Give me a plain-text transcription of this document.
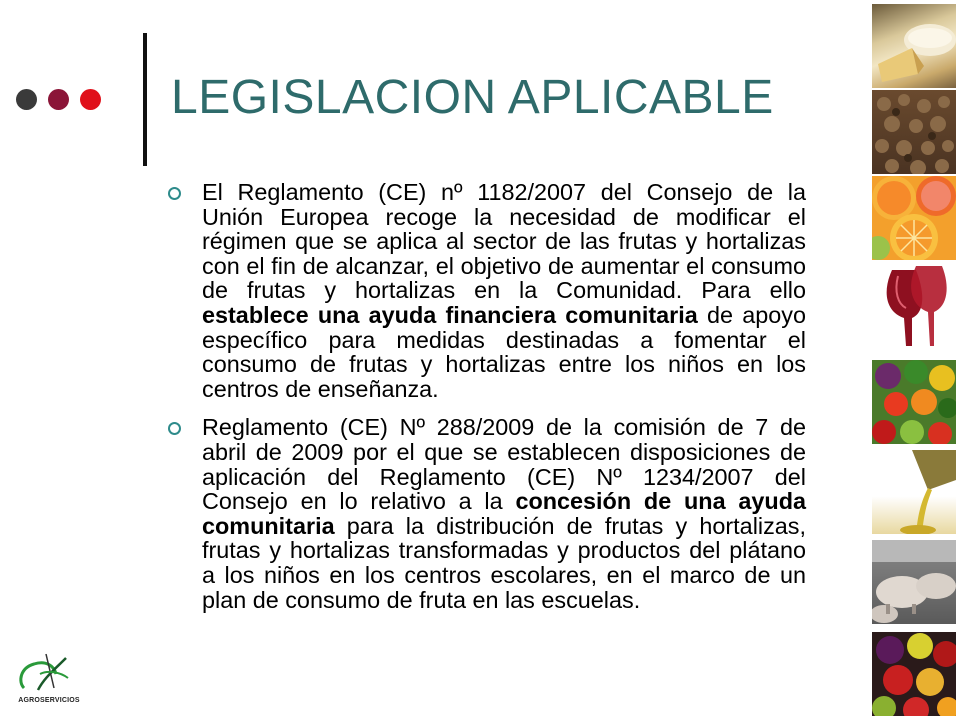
LEGISLACION APLICABLE

El Reglamento (CE) nº 1182/2007 del Consejo de la Unión Europea recoge la necesidad de modificar el régimen que se aplica al sector de las frutas y hortalizas con el fin de alcanzar, el objetivo de aumentar el consumo de frutas y hortalizas en la Comunidad. Para ello establece una ayuda financiera comunitaria de apoyo específico para medidas destinadas a fomentar el consumo de frutas y hortalizas entre los niños en los centros de enseñanza.

Reglamento (CE) Nº 288/2009 de la comisión de 7 de abril de 2009 por el que se establecen disposiciones de aplicación del Reglamento (CE) Nº 1234/2007 del Consejo en lo relativo a la concesión de una ayuda comunitaria para la distribución de frutas y hortalizas, frutas y hortalizas transformadas y productos del plátano a los niños en los centros escolares, en el marco de un plan de consumo de fruta en las escuelas.

AGROSERVICIOS
